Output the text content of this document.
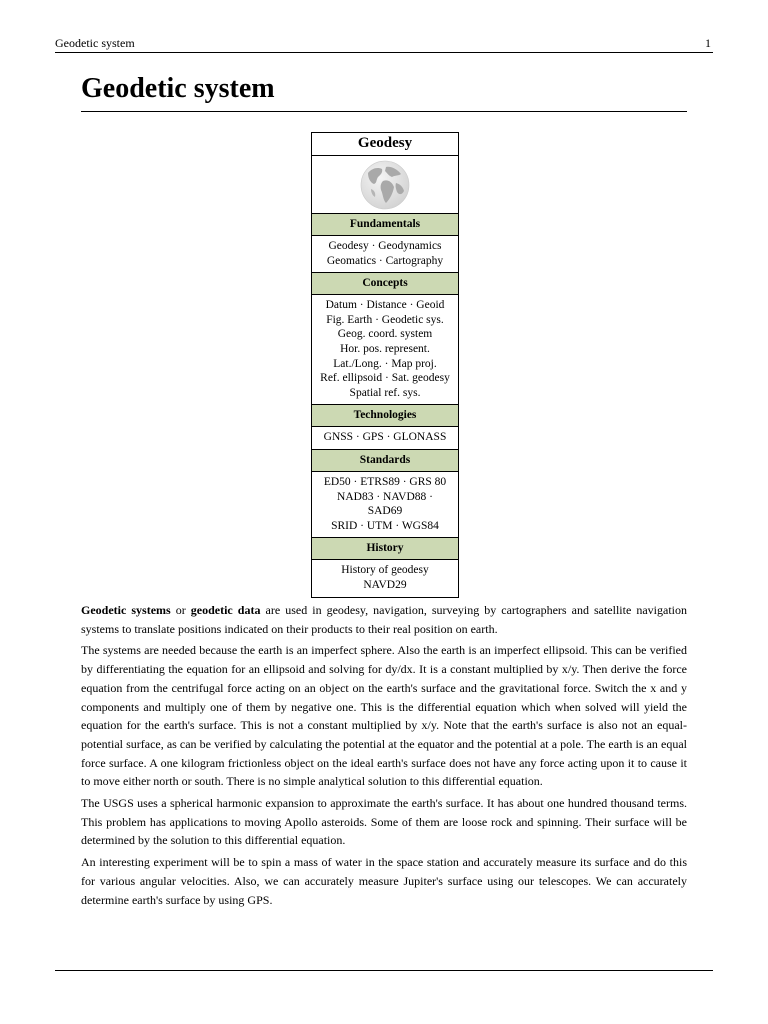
Geodetic system	1
Geodetic system
Geodesy
Fundamentals
Geodesy · Geodynamics
Geomatics · Cartography
Concepts
Datum · Distance · Geoid
Fig. Earth · Geodetic sys.
Geog. coord. system
Hor. pos. represent.
Lat./Long. · Map proj.
Ref. ellipsoid · Sat. geodesy
Spatial ref. sys.
Technologies
GNSS · GPS · GLONASS
Standards
ED50 · ETRS89 · GRS 80
NAD83 · NAVD88 ·
SAD69
SRID · UTM · WGS84
History
History of geodesy
NAVD29

Geodetic systems or geodetic data are used in geodesy, navigation, surveying by cartographers and satellite navigation systems to translate positions indicated on their products to their real position on earth.

The systems are needed because the earth is an imperfect sphere. Also the earth is an imperfect ellipsoid. This can be verified by differentiating the equation for an ellipsoid and solving for dy/dx. It is a constant multiplied by x/y. Then derive the force equation from the centrifugal force acting on an object on the earth's surface and the gravitational force. Switch the x and y components and multiply one of them by negative one. This is the differential equation which when solved will yield the equation for the earth's surface. This is not a constant multiplied by x/y. Note that the earth's surface is also not an equal-potential surface, as can be verified by calculating the potential at the equator and the potential at a pole. The earth is an equal force surface. A one kilogram frictionless object on the ideal earth's surface does not have any force acting upon it to cause it to move either north or south. There is no simple analytical solution to this differential equation.

The USGS uses a spherical harmonic expansion to approximate the earth's surface. It has about one hundred thousand terms. This problem has applications to moving Apollo asteroids. Some of them are loose rock and spinning. Their surface will be determined by the solution to this differential equation.

An interesting experiment will be to spin a mass of water in the space station and accurately measure its surface and do this for various angular velocities. Also, we can accurately measure Jupiter's surface using our telescopes. We can accurately determine earth's surface by using GPS.
